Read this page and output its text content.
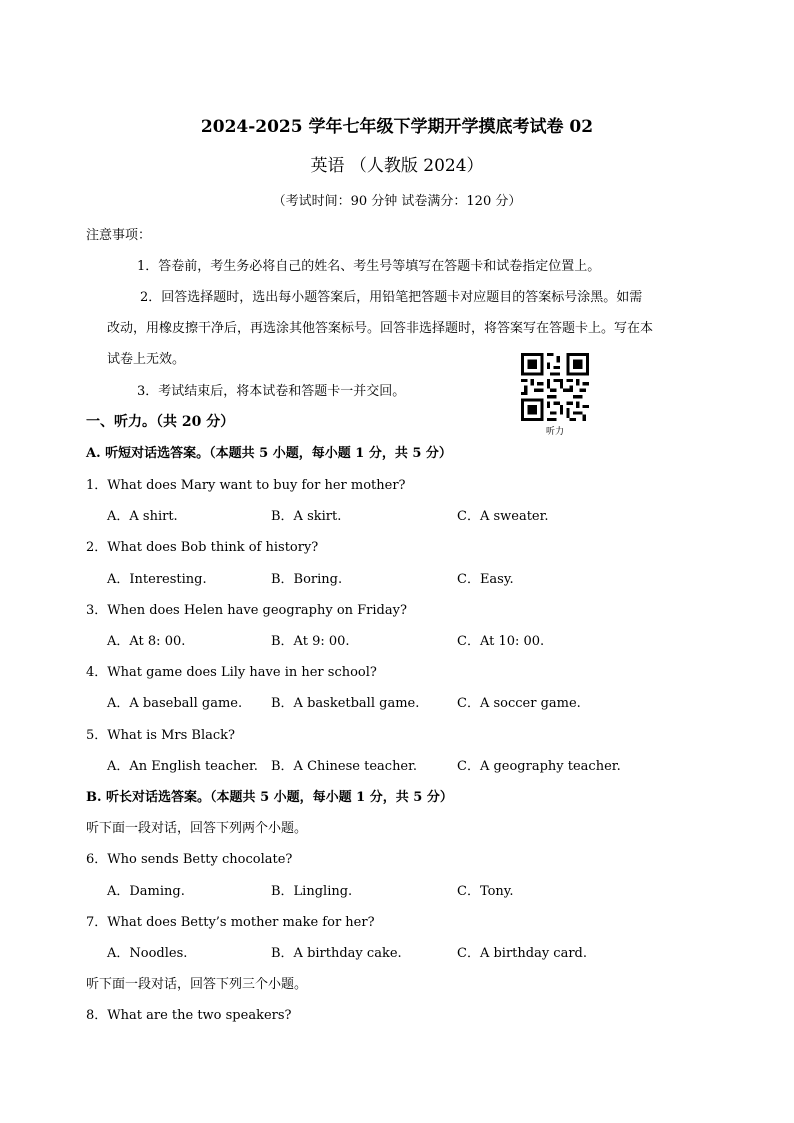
2024-2025 学年七年级下学期开学摸底考试卷 02
英语 （人教版 2024）
（考试时间：90 分钟 试卷满分：120 分）
注意事项：
1．答卷前，考生务必将自己的姓名、考生号等填写在答题卡和试卷指定位置上。
2．回答选择题时，选出每小题答案后，用铅笔把答题卡对应题目的答案标号涂黑。如需
改动，用橡皮擦干净后，再选涂其他答案标号。回答非选择题时，将答案写在答题卡上。写在本
试卷上无效。
3．考试结束后，将本试卷和答题卡一并交回。
听力
一、听力。（共 20 分）
A. 听短对话选答案。（本题共 5 小题，每小题 1 分，共 5 分）
1．What does Mary want to buy for her mother?
A．A shirt.	B．A skirt.	C．A sweater.
2．What does Bob think of history?
A．Interesting.	B．Boring.	C．Easy.
3．When does Helen have geography on Friday?
A．At 8: 00.	B．At 9: 00.	C．At 10: 00.
4．What game does Lily have in her school?
A．A baseball game. B．A basketball game.	C．A soccer game.
5．What is Mrs Black?
A．An English teacher. B．A Chinese teacher.	C．A geography teacher.
B. 听长对话选答案。（本题共 5 小题，每小题 1 分，共 5 分）
听下面一段对话，回答下列两个小题。
6．Who sends Betty chocolate?
A．Daming.	B．Lingling.	C．Tony.
7．What does Betty’s mother make for her?
A．Noodles.	B．A birthday cake.	C．A birthday card.
听下面一段对话，回答下列三个小题。
8．What are the two speakers?
